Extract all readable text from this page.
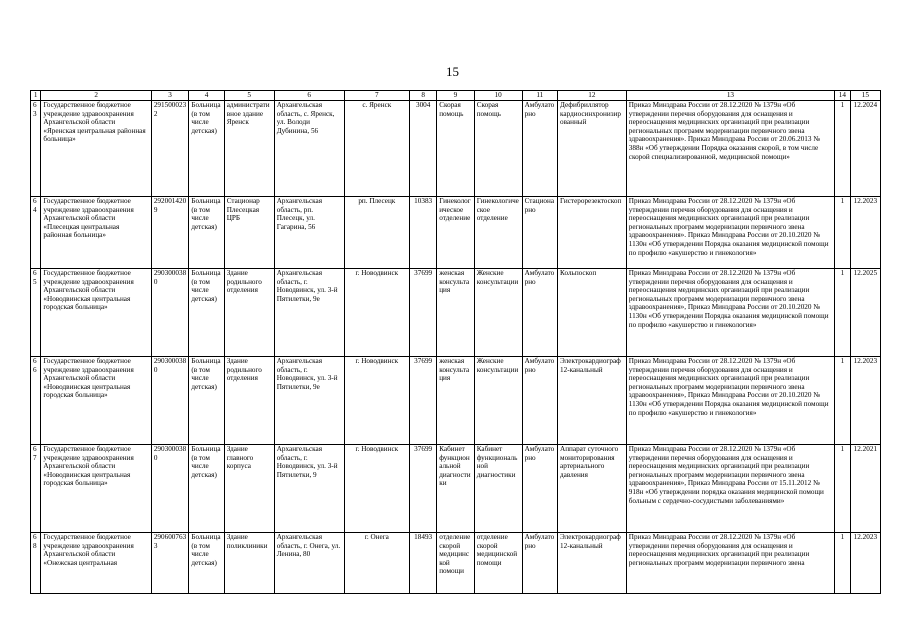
15
1	2	3	4	5	6	7	8	9	10	11	12	13	14	15
63	Государственное бюджетное учреждение здравоохранения Архангельской области «Яренская центральная районная больница»	2915000232	Больница (в том числе детская)	административное здание Яренск	Архангельская область, с. Яренск, ул. Володи Дубинина, 56	с. Яренск	3004	Скорая помощь	Скорая помощь	Амбулаторно	Дефибриллятор кардиосинхронизированный	Приказ Минздрава России от 28.12.2020 № 1379н «Об утверждении перечня оборудования для оснащения и переоснащения медицинских организаций при реализации региональных программ модернизации первичного звена здравоохранения». Приказ Минздрава России от 20.06.2013 № 388н «Об утверждении Порядка оказания скорой, в том числе скорой специализированной, медицинской помощи»	1	12.2024
64	Государственное бюджетное учреждение здравоохранения Архангельской области «Плесецкая центральная районная больница»	2920014209	Больница (в том числе детская)	Стационар Плесецкая ЦРБ	Архангельская область, рп. Плесецк, ул. Гагарина, 56	рп. Плесецк	10383	Гинекологическое отделение	Гинекологическое отделение	Стационарно	Гистерорезектоскоп	Приказ Минздрава России от 28.12.2020 № 1379н «Об утверждении перечня оборудования для оснащения и переоснащения медицинских организаций при реализации региональных программ модернизации первичного звена здравоохранения». Приказ Минздрава России от 20.10.2020 № 1130н «Об утверждении Порядка оказания медицинской помощи по профилю «акушерство и гинекология»	1	12.2023
65	Государственное бюджетное учреждение здравоохранения Архангельской области «Новодвинская центральная городская больница»	2903000380	Больница (в том числе детская)	Здание родильного отделения	Архангельская область, г. Новодвинск, ул. 3-й Пятилетки, 9е	г. Новодвинск	37699	женская консультация	Женские консультации	Амбулаторно	Кольпоскоп	Приказ Минздрава России от 28.12.2020 № 1379н «Об утверждении перечня оборудования для оснащения и переоснащения медицинских организаций при реализации региональных программ модернизации первичного звена здравоохранения», Приказ Минздрава России от 20.10.2020 № 1130н «Об утверждении Порядка оказания медицинской помощи по профилю «акушерство и гинекология»	1	12.2025
66	Государственное бюджетное учреждение здравоохранения Архангельской области «Новодвинская центральная городская больница»	2903000380	Больница (в том числе детская)	Здание родильного отделения	Архангельская область, г. Новодвинск, ул. 3-й Пятилетки, 9е	г. Новодвинск	37699	женская консультация	Женские консультации	Амбулаторно	Электрокардиограф 12-канальный	Приказ Минздрава России от 28.12.2020 № 1379н «Об утверждении перечня оборудования для оснащения и переоснащения медицинских организаций при реализации региональных программ модернизации первичного звена здравоохранения», Приказ Минздрава России от 20.10.2020 № 1130н «Об утверждении Порядка оказания медицинской помощи по профилю «акушерство и гинекология»	1	12.2023
67	Государственное бюджетное учреждение здравоохранения Архангельской области «Новодвинская центральная городская больница»	2903000380	Больница (в том числе детская)	Здание главного корпуса	Архангельская область, г. Новодвинск, ул. 3-й Пятилетки, 9	г. Новодвинск	37699	Кабинет функциональной диагностики	Кабинет функциональной диагностики	Амбулаторно	Аппарат суточного мониторирования артериального давления	Приказ Минздрава России от 28.12.2020 № 1379н «Об утверждении перечня оборудования для оснащения и переоснащения медицинских организаций при реализации региональных программ модернизации первичного звена здравоохранения», Приказ Минздрава России от 15.11.2012 № 918н «Об утверждении порядка оказания медицинской помощи больным с сердечно-сосудистыми заболеваниями»	1	12.2021
68	Государственное бюджетное учреждение здравоохранения Архангельской области «Онежская центральная	2906007633	Больница (в том числе детская)	Здание поликлиники	Архангельская область, г. Онега, ул. Ленина, 80	г. Онега	18493	отделение скорой медицинской помощи	отделение скорой медицинской помощи	Амбулаторно	Электрокардиограф 12-канальный	Приказ Минздрава России от 28.12.2020 № 1379н «Об утверждении перечня оборудования для оснащения и переоснащения медицинских организаций при реализации региональных программ модернизации первичного звена	1	12.2023
